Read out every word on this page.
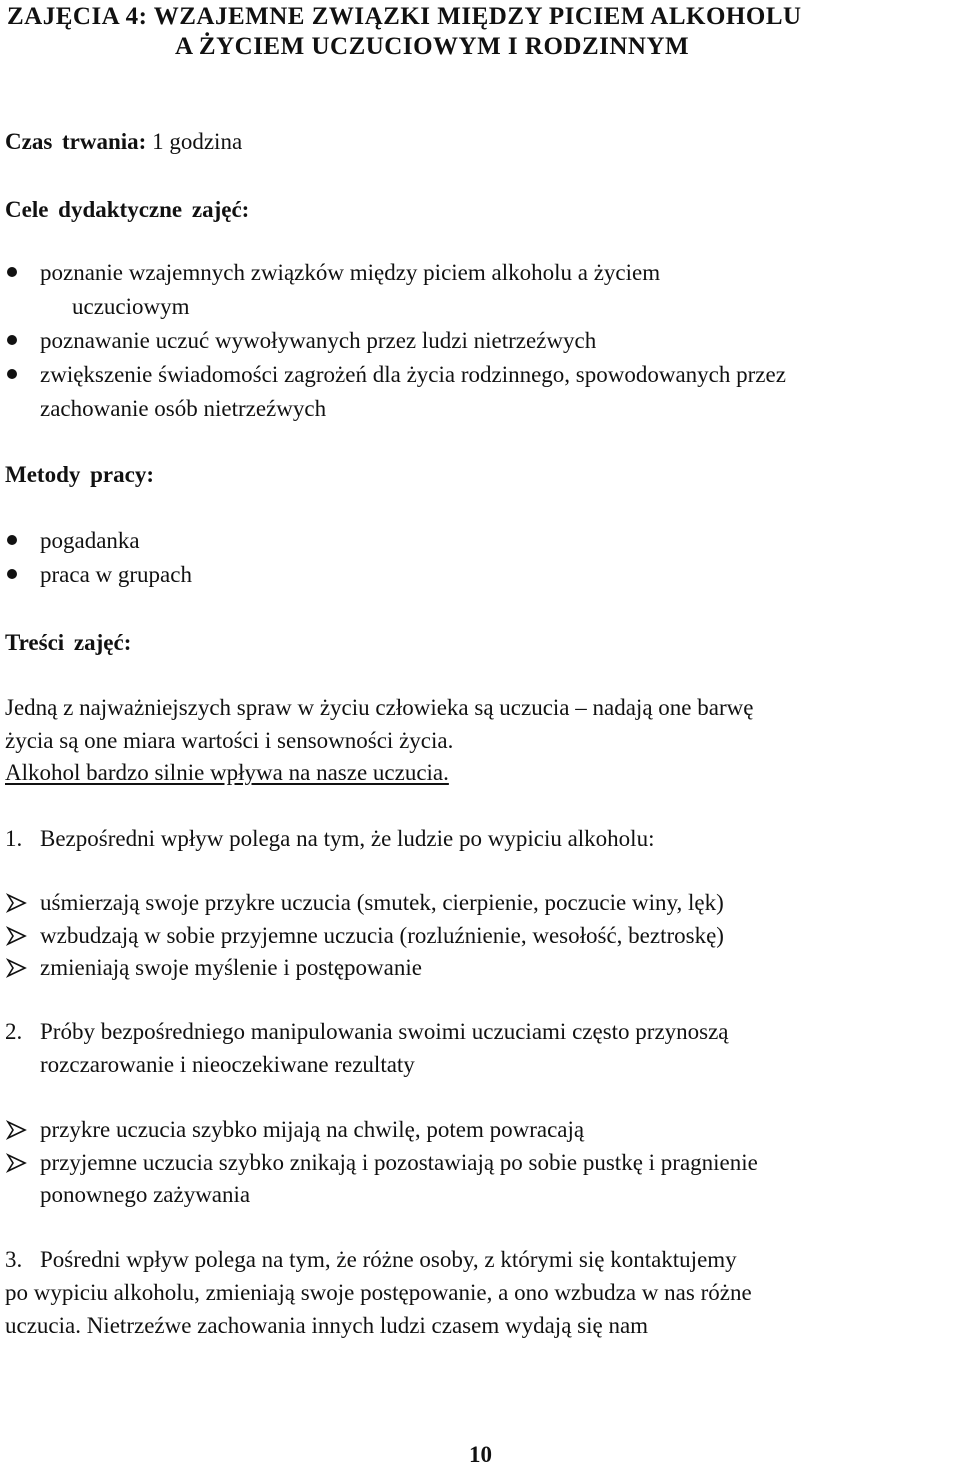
ZAJĘCIA 4: WZAJEMNE ZWIĄZKI MIĘDZY PICIEM ALKOHOLU
A ŻYCIEM UCZUCIOWYM I RODZINNYM
Czas trwania: 1 godzina
Cele dydaktyczne zajęć:
poznanie wzajemnych związków między piciem alkoholu a życiem
uczuciowym
poznawanie uczuć wywoływanych przez ludzi nietrzeźwych
zwiększenie świadomości zagrożeń dla życia rodzinnego, spowodowanych przez
zachowanie osób nietrzeźwych
Metody pracy:
pogadanka
praca w grupach
Treści zajęć:
Jedną z najważniejszych spraw w życiu człowieka są uczucia – nadają one barwę
życia są one miara wartości i sensowności życia.
Alkohol bardzo silnie wpływa na nasze uczucia.
1. Bezpośredni wpływ polega na tym, że ludzie po wypiciu alkoholu:
uśmierzają swoje przykre uczucia (smutek, cierpienie, poczucie winy, lęk)
wzbudzają w sobie przyjemne uczucia (rozluźnienie, wesołość, beztroskę)
zmieniają swoje myślenie i postępowanie
2. Próby bezpośredniego manipulowania swoimi uczuciami często przynoszą
rozczarowanie i nieoczekiwane rezultaty
przykre uczucia szybko mijają na chwilę, potem powracają
przyjemne uczucia szybko znikają i pozostawiają po sobie pustkę i pragnienie
ponownego zażywania
3. Pośredni wpływ polega na tym, że różne osoby, z którymi się kontaktujemy
po wypiciu alkoholu, zmieniają swoje postępowanie, a ono wzbudza w nas różne
uczucia. Nietrzeźwe zachowania innych ludzi czasem wydają się nam
10
